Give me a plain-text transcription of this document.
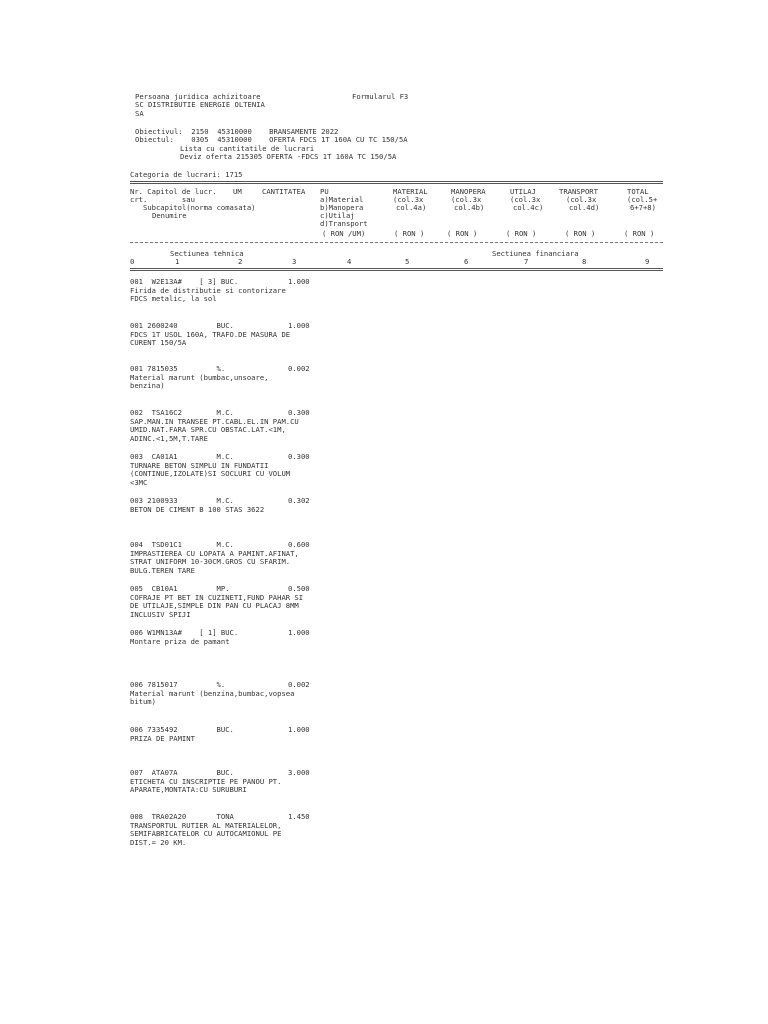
Persoana juridica achizitoare	Formularul F3
SC DISTRIBUTIE ENERGIE OLTENIA
SA
Obiectivul:  2150  45310000    BRANSAMENTE 2022
Obiectul:    0305  45310000    OFERTA FDCS 1T 160A CU TC 150/5A
Lista cu cantitatile de lucrari
Deviz oferta 215305 OFERTA -FDCS 1T 160A TC 150/5A
Categoria de lucrari: 1715
Nr. Capitol de lucr. UM	CANTITATEA PU	MATERIAL	MANOPERA	UTILAJ	TRANSPORT	TOTAL
crt.        sau	a)Material	(col.3x	(col.3x	(col.3x	(col.3x	(col.5+
Subcapitol(norma comasata)	b)Manopera	col.4a)	col.4b)	col.4c)	col.4d)	6+7+8)
Denumire	c)Utilaj
d)Transport
( RON /UM)	( RON )	( RON )	( RON )	( RON )	( RON )
Sectiunea tehnica	Sectiunea financiara
0	1	2	3	4	5	6	7	8	9
001  W2E13A#    [ 3] BUC.	1.000
Firida de distributie si contorizare
FDCS metalic, la sol
001 2600240         BUC.	1.000
FDCS 1T USOL 160A, TRAFO.DE MASURA DE
CURENT 150/5A
001 7815035         %.	0.002
Material marunt (bumbac,unsoare,
benzina)
002  TSA16C2        M.C.	0.300
SAP.MAN.IN TRANSEE PT.CABL.EL.IN PAM.CU
UMID.NAT.FARA SPR.CU OBSTAC.LAT.<1M,
ADINC.<1,5M,T.TARE
003  CA01A1         M.C.	0.300
TURNARE BETON SIMPLU IN FUNDATII
(CONTINUE,IZOLATE)SI SOCLURI CU VOLUM
<3MC
003 2100933         M.C.	0.302
BETON DE CIMENT B 100 STAS 3622
004  TSD01C1        M.C.	0.600
IMPRASTIEREA CU LOPATA A PAMINT.AFINAT,
STRAT UNIFORM 10-30CM.GROS CU SFARIM.
BULG.TEREN TARE
005  CB10A1         MP.	0.500
COFRAJE PT BET IN CUZINETI,FUND PAHAR SI
DE UTILAJE,SIMPLE DIN PAN CU PLACAJ 8MM
INCLUSIV SPIJI
006 W1MN13A#    [ 1] BUC.	1.000
Montare priza de pamant
006 7815017         %.	0.002
Material marunt (benzina,bumbac,vopsea
bitum)
006 7335492         BUC.	1.000
PRIZA DE PAMINT
007  ATA07A         BUC.	3.000
ETICHETA CU INSCRIPTIE PE PANOU PT.
APARATE,MONTATA:CU SURUBURI
008  TRA02A20       TONA	1.450
TRANSPORTUL RUTIER AL MATERIALELOR,
SEMIFABRICATELOR CU AUTOCAMIONUL PE
DIST.= 20 KM.
